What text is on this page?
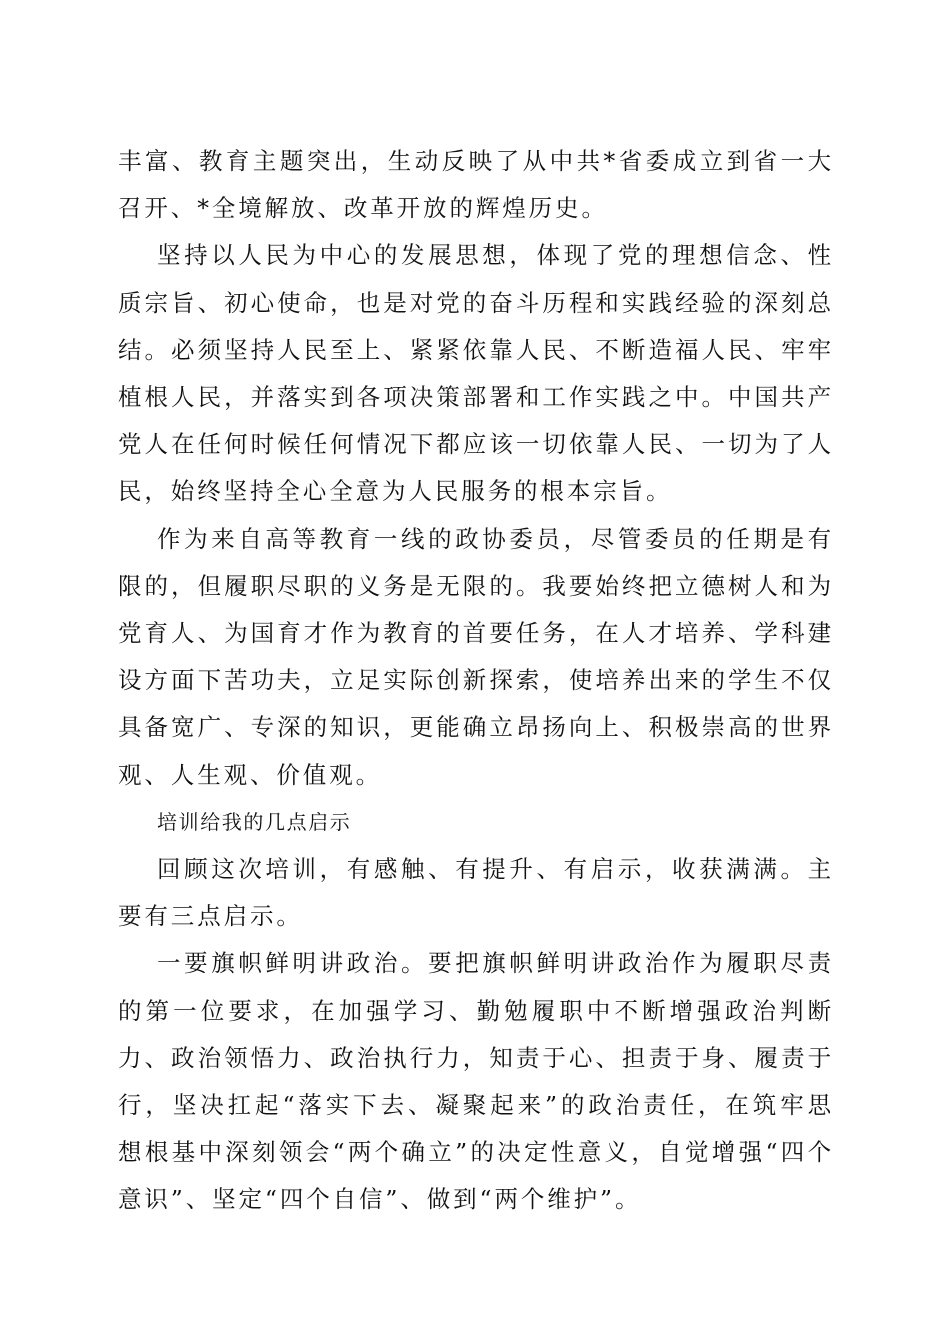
丰富、教育主题突出，生动反映了从中共*省委成立到省一大召开、*全境解放、改革开放的辉煌历史。

坚持以人民为中心的发展思想，体现了党的理想信念、性质宗旨、初心使命，也是对党的奋斗历程和实践经验的深刻总结。必须坚持人民至上、紧紧依靠人民、不断造福人民、牢牢植根人民，并落实到各项决策部署和工作实践之中。中国共产党人在任何时候任何情况下都应该一切依靠人民、一切为了人民，始终坚持全心全意为人民服务的根本宗旨。

作为来自高等教育一线的政协委员，尽管委员的任期是有限的，但履职尽职的义务是无限的。我要始终把立德树人和为党育人、为国育才作为教育的首要任务，在人才培养、学科建设方面下苦功夫，立足实际创新探索，使培养出来的学生不仅具备宽广、专深的知识，更能确立昂扬向上、积极崇高的世界观、人生观、价值观。

培训给我的几点启示

回顾这次培训，有感触、有提升、有启示，收获满满。主要有三点启示。

一要旗帜鲜明讲政治。要把旗帜鲜明讲政治作为履职尽责的第一位要求，在加强学习、勤勉履职中不断增强政治判断力、政治领悟力、政治执行力，知责于心、担责于身、履责于行，坚决扛起“落实下去、凝聚起来”的政治责任，在筑牢思想根基中深刻领会“两个确立”的决定性意义，自觉增强“四个意识”、坚定“四个自信”、做到“两个维护”。
